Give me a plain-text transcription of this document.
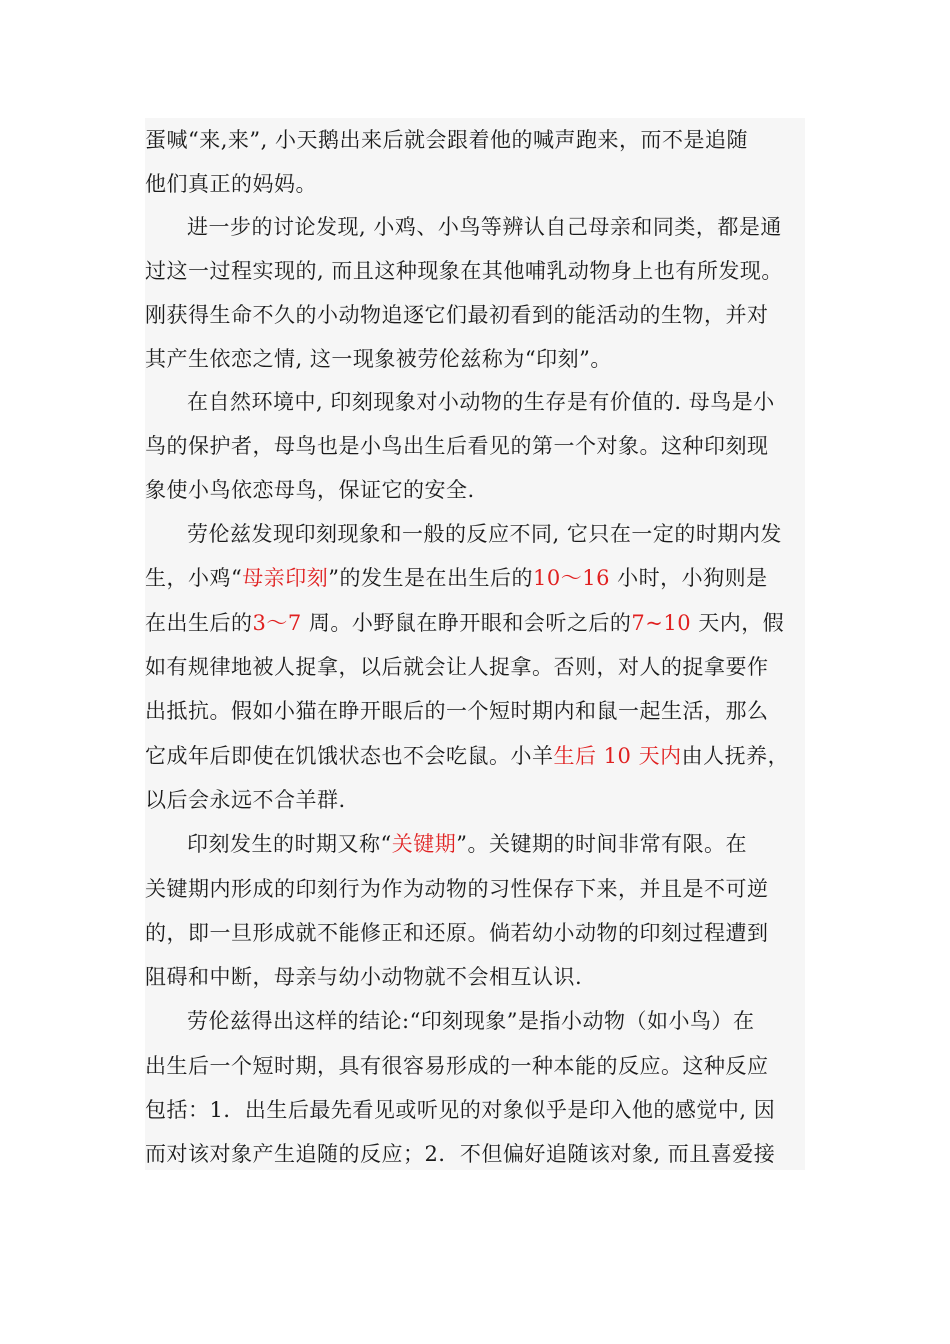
蛋喊“来,来”, 小天鹅出来后就会跟着他的喊声跑来，而不是追随
他们真正的妈妈。
进一步的讨论发现, 小鸡、小鸟等辨认自己母亲和同类，都是通
过这一过程实现的, 而且这种现象在其他哺乳动物身上也有所发现。
刚获得生命不久的小动物追逐它们最初看到的能活动的生物，并对
其产生依恋之情, 这一现象被劳伦兹称为“印刻”。
在自然环境中, 印刻现象对小动物的生存是有价值的. 母鸟是小
鸟的保护者，母鸟也是小鸟出生后看见的第一个对象。这种印刻现
象使小鸟依恋母鸟，保证它的安全.
劳伦兹发现印刻现象和一般的反应不同, 它只在一定的时期内发
生，小鸡“母亲印刻”的发生是在出生后的10～16 小时，小狗则是
在出生后的3～7 周。小野鼠在睁开眼和会听之后的7~10 天内，假
如有规律地被人捉拿，以后就会让人捉拿。否则，对人的捉拿要作
出抵抗。假如小猫在睁开眼后的一个短时期内和鼠一起生活，那么
它成年后即使在饥饿状态也不会吃鼠。小羊生后 10 天内由人抚养，
以后会永远不合羊群.
印刻发生的时期又称“关键期”。关键期的时间非常有限。在
关键期内形成的印刻行为作为动物的习性保存下来，并且是不可逆
的，即一旦形成就不能修正和还原。倘若幼小动物的印刻过程遭到
阻碍和中断，母亲与幼小动物就不会相互认识.
劳伦兹得出这样的结论:“印刻现象”是指小动物（如小鸟）在
出生后一个短时期，具有很容易形成的一种本能的反应。这种反应
包括：1．出生后最先看见或听见的对象似乎是印入他的感觉中, 因
而对该对象产生追随的反应；2．不但偏好追随该对象, 而且喜爱接
